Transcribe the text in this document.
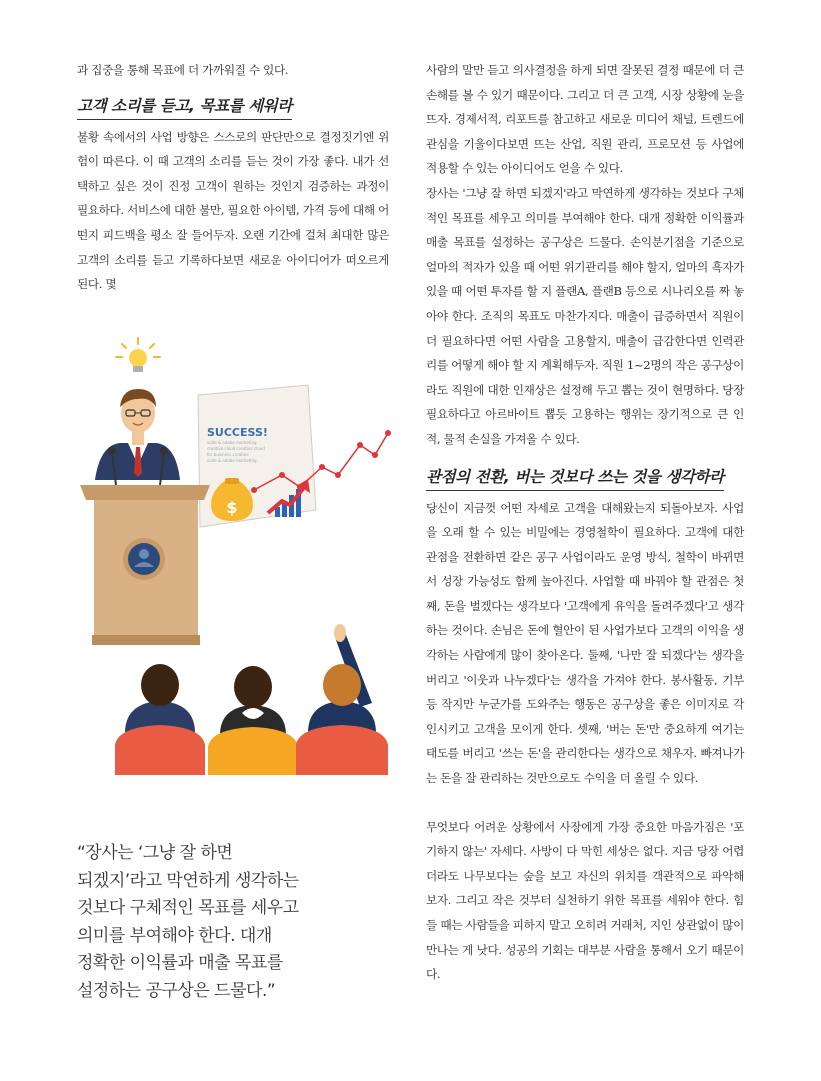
과 집중을 통해 목표에 더 가까워질 수 있다.

고객 소리를 듣고, 목표를 세워라

불황 속에서의 사업 방향은 스스로의 판단만으로 결정짓기엔 위험이 따른다. 이 때 고객의 소리를 듣는 것이 가장 좋다. 내가 선택하고 싶은 것이 진정 고객이 원하는 것인지 검증하는 과정이 필요하다. 서비스에 대한 불만, 필요한 아이템, 가격 등에 대해 어떤지 피드백을 평소 잘 들어두자. 오랜 기간에 걸쳐 최대한 많은 고객의 소리를 듣고 기록하다보면 새로운 아이디어가 떠오르게 된다. 몇

사람의 말만 듣고 의사결정을 하게 되면 잘못된 결정 때문에 더 큰 손해를 볼 수 있기 때문이다. 그리고 더 큰 고객, 시장 상황에 눈을 뜨자. 경제서적, 리포트를 참고하고 새로운 미디어 채널, 트렌드에 관심을 기울이다보면 뜨는 산업, 직원 관리, 프로모션 등 사업에 적용할 수 있는 아이디어도 얻을 수 있다.

장사는 '그냥 잘 하면 되겠지'라고 막연하게 생각하는 것보다 구체적인 목표를 세우고 의미를 부여해야 한다. 대개 정확한 이익률과 매출 목표를 설정하는 공구상은 드물다. 손익분기점을 기준으로 얼마의 적자가 있을 때 어떤 위기관리를 해야 할지, 얼마의 흑자가 있을 때 어떤 투자를 할 지 플랜A, 플랜B 등으로 시나리오를 짜 놓아야 한다. 조직의 목표도 마찬가지다. 매출이 급증하면서 직원이 더 필요하다면 어떤 사람을 고용할지, 매출이 급감한다면 인력관리를 어떻게 해야 할 지 계획해두자. 직원 1~2명의 작은 공구상이라도 직원에 대한 인재상은 설정해 두고 뽑는 것이 현명하다. 당장 필요하다고 아르바이트 뽑듯 고용하는 행위는 장기적으로 큰 인적, 물적 손실을 가져올 수 있다.

관점의 전환, 버는 것보다 쓰는 것을 생각하라

당신이 지금껏 어떤 자세로 고객을 대해왔는지 되돌아보자. 사업을 오래 할 수 있는 비밀에는 경영철학이 필요하다. 고객에 대한 관점을 전환하면 같은 공구 사업이라도 운영 방식, 철학이 바뀌면서 성장 가능성도 함께 높아진다. 사업할 때 바꿔야 할 관점은 첫째, 돈을 벌겠다는 생각보다 '고객에게 유익을 돌려주겠다'고 생각하는 것이다. 손님은 돈에 혈안이 된 사업가보다 고객의 이익을 생각하는 사람에게 많이 찾아온다. 둘째, '나만 잘 되겠다'는 생각을 버리고 '이웃과 나누겠다'는 생각을 가져야 한다. 봉사활동, 기부 등 작지만 누군가를 도와주는 행동은 공구상을 좋은 이미지로 각인시키고 고객을 모이게 한다. 셋째, '버는 돈'만 중요하게 여기는 태도를 버리고 '쓰는 돈'을 관리한다는 생각으로 채우자. 빠져나가는 돈을 잘 관리하는 것만으로도 수익을 더 올릴 수 있다.

무엇보다 어려운 상황에서 사장에게 가장 중요한 마음가짐은 '포기하지 않는' 자세다. 사방이 다 막힌 세상은 없다. 지금 당장 어렵더라도 나무보다는 숲을 보고 자신의 위치를 객관적으로 파악해 보자. 그리고 작은 것부터 실천하기 위한 목표를 세워야 한다. 힘들 때는 사람들을 피하지 말고 오히려 거래처, 지인 상관없이 많이 만나는 게 낫다. 성공의 기회는 대부분 사람을 통해서 오기 때문이다.

SUCCESS!
suite & adobe marketing
creative cloud creative cloud
for business creative
suite & adobe marketing
$
“장사는 ‘그냥 잘 하면
되겠지’라고 막연하게 생각하는
것보다 구체적인 목표를 세우고
의미를 부여해야 한다. 대개
정확한 이익률과 매출 목표를
설정하는 공구상은 드물다.”
